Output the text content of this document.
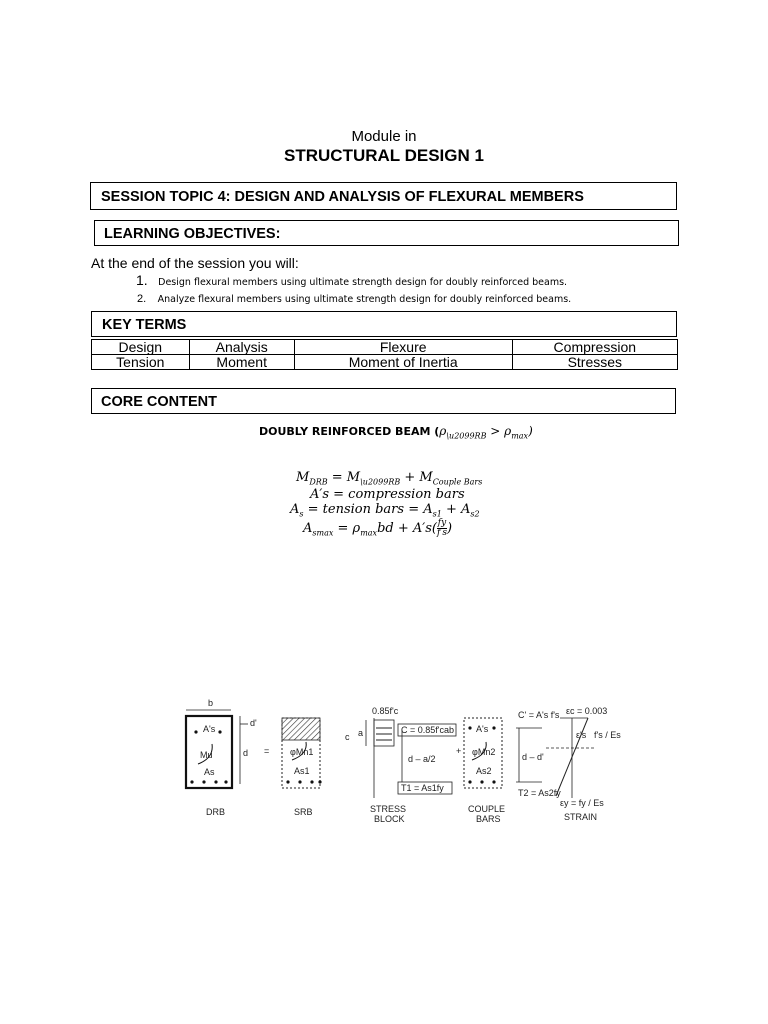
Module in
STRUCTURAL DESIGN 1
SESSION TOPIC 4: DESIGN AND ANALYSIS OF FLEXURAL MEMBERS
LEARNING OBJECTIVES:
At the end of the session you will:
1. Design flexural members using ultimate strength design for doubly reinforced beams.
2. Analyze flexural members using ultimate strength design for doubly reinforced beams.
KEY TERMS
Design	Analysis	Flexure	Compression
Tension	Moment	Moment of Inertia	Stresses
CORE CONTENT
DOUBLY REINFORCED BEAM $(\rho_{\backslash u2099RB} > \rho_{max})$
$M_{DRB} = M_{\backslash u2099RB} + M_{Couple Bars}$
A′s = compression bars
$A_s$ = tension bars = $A_{s1} + A_{s2}$
$A_{smax} = \rho_{max}bd + A's( \frac{fy}{f's}$ )
b
A's
Mu
As
d
d'
DRB
= φMn1
As1
SRB
0.85f'c
a
c
C = 0.85f'cab
d – a/2
T1 = As1fy
STRESS
BLOCK
+
A's
φMn2
As2
C' = A's f's
d – d'
T2 = As2fy
COUPLE
BARS
εc = 0.003
ε's f's / Es
εy = fy / Es
STRAIN
